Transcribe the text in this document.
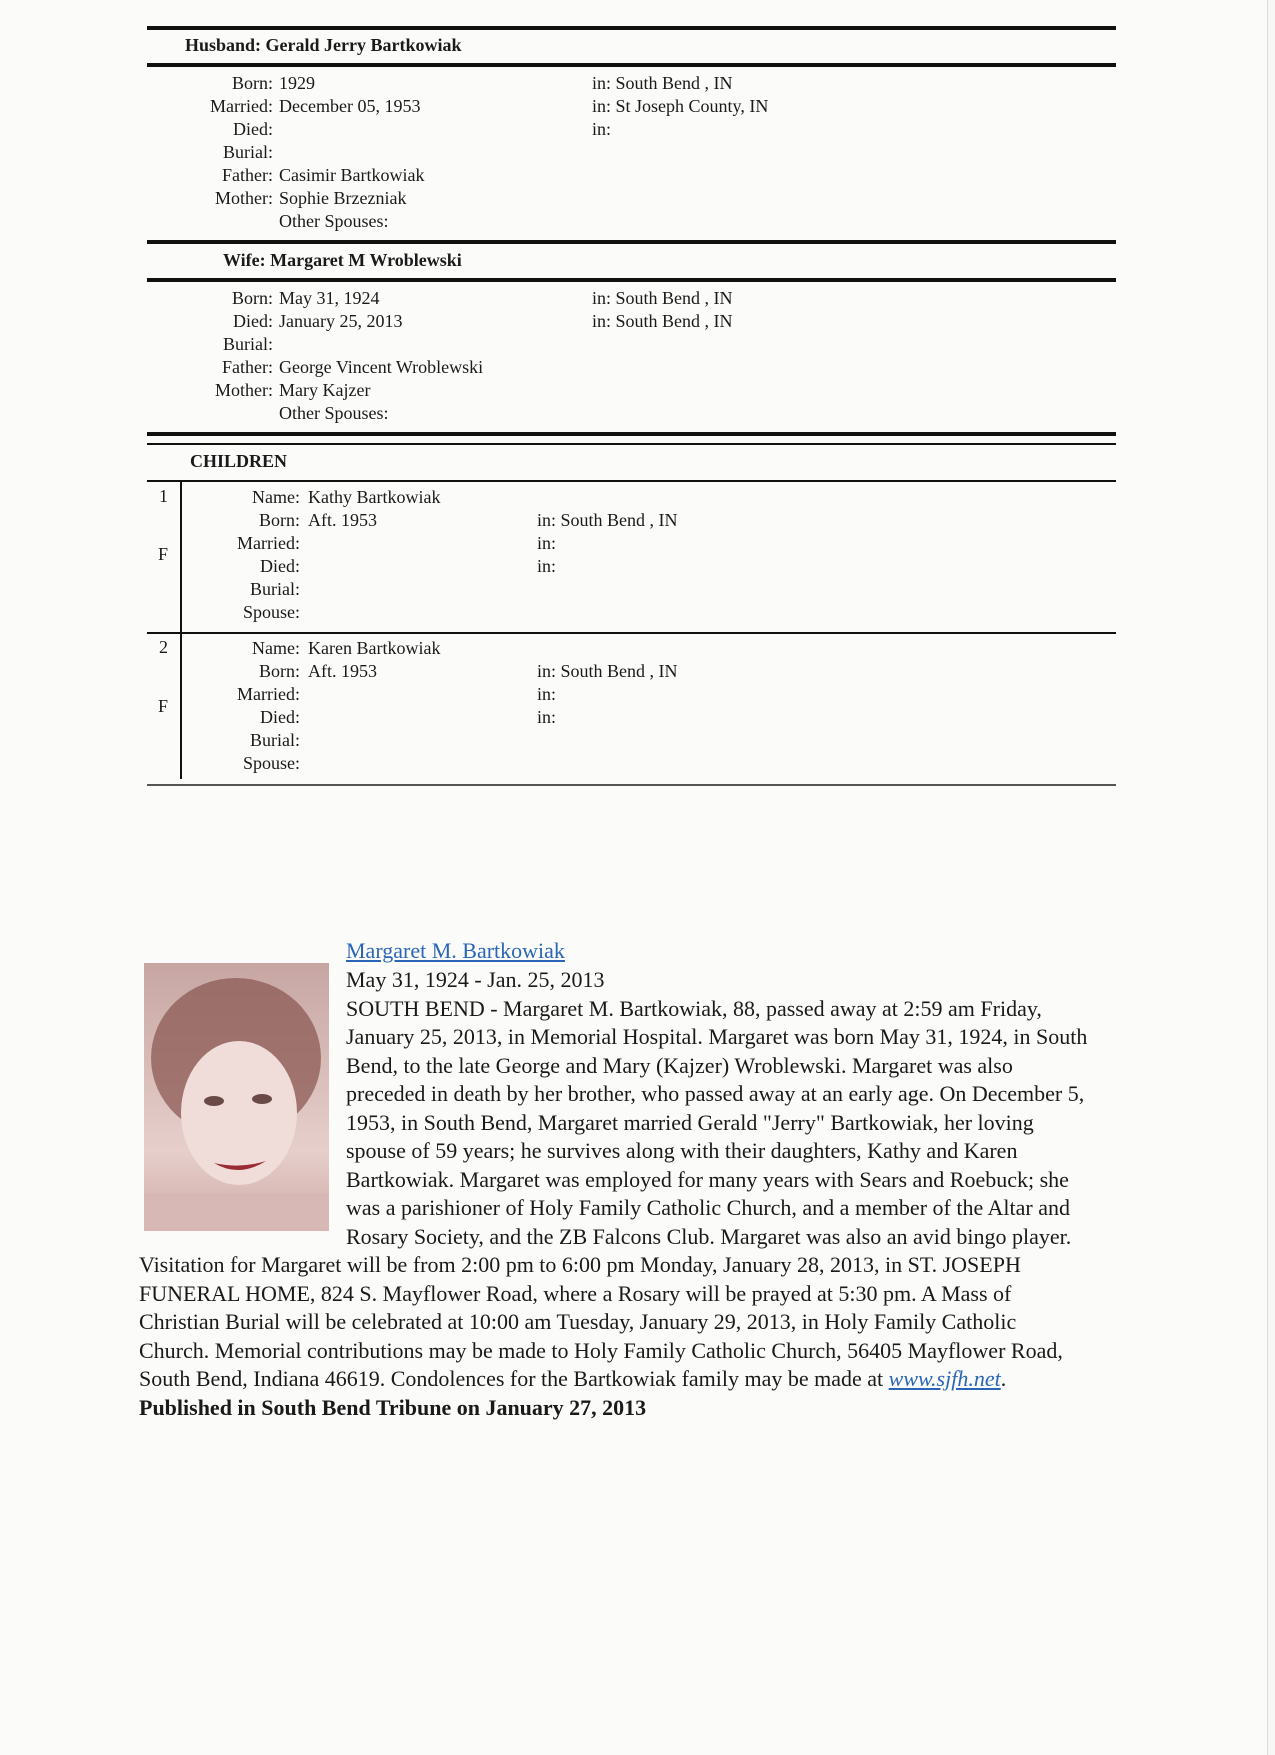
Husband: Gerald Jerry Bartkowiak
Born: 1929	in: South Bend , IN
Married: December 05, 1953	in: St Joseph County, IN
Died:	in:
Burial:
Father: Casimir Bartkowiak
Mother: Sophie Brzezniak
Other Spouses:
Wife: Margaret M Wroblewski
Born: May 31, 1924	in: South Bend , IN
Died: January 25, 2013	in: South Bend , IN
Burial:
Father: George Vincent Wroblewski
Mother: Mary Kajzer
Other Spouses:
CHILDREN
1
F
Name: Kathy Bartkowiak
Born: Aft. 1953	in: South Bend , IN
Married:	in:
Died:	in:
Burial:
Spouse:
2
F
Name: Karen Bartkowiak
Born: Aft. 1953	in: South Bend , IN
Married:	in:
Died:	in:
Burial:
Spouse:
Margaret M. Bartkowiak
May 31, 1924 - Jan. 25, 2013
SOUTH BEND - Margaret M. Bartkowiak, 88, passed away at 2:59 am Friday, January 25, 2013, in Memorial Hospital. Margaret was born May 31, 1924, in South Bend, to the late George and Mary (Kajzer) Wroblewski. Margaret was also preceded in death by her brother, who passed away at an early age. On December 5, 1953, in South Bend, Margaret married Gerald "Jerry" Bartkowiak, her loving spouse of 59 years; he survives along with their daughters, Kathy and Karen Bartkowiak. Margaret was employed for many years with Sears and Roebuck; she was a parishioner of Holy Family Catholic Church, and a member of the Altar and Rosary Society, and the ZB Falcons Club. Margaret was also an avid bingo player. Visitation for Margaret will be from 2:00 pm to 6:00 pm Monday, January 28, 2013, in ST. JOSEPH FUNERAL HOME, 824 S. Mayflower Road, where a Rosary will be prayed at 5:30 pm. A Mass of Christian Burial will be celebrated at 10:00 am Tuesday, January 29, 2013, in Holy Family Catholic Church. Memorial contributions may be made to Holy Family Catholic Church, 56405 Mayflower Road, South Bend, Indiana 46619. Condolences for the Bartkowiak family may be made at www.sjfh.net.
Published in South Bend Tribune on January 27, 2013
